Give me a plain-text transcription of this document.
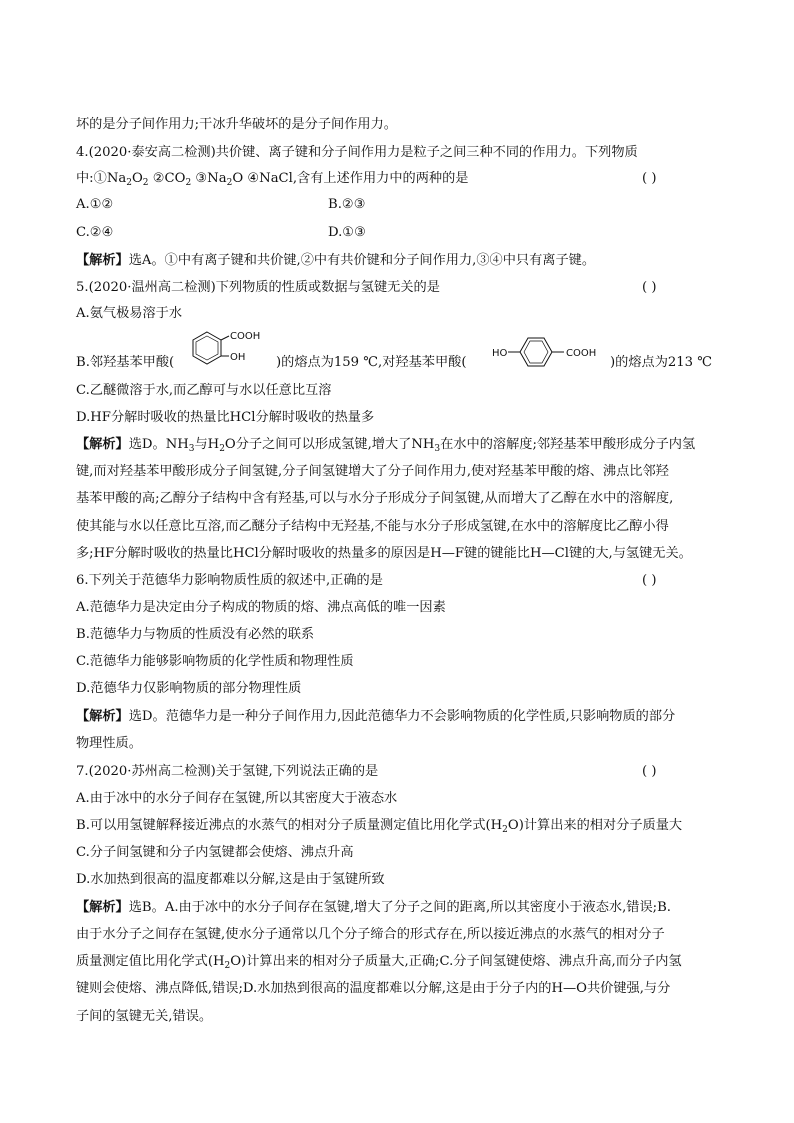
坏的是分子间作用力;干冰升华破坏的是分子间作用力。
4.(2020·泰安高二检测)共价键、离子键和分子间作用力是粒子之间三种不同的作用力。下列物质
中$:①Na_2O_2$ $②CO_2$ $③Na_2O$ ④NaCl,含有上述作用力中的两种的是	( )
A.①②	B.②③
C.②④	D.①③
【解析】选A。①中有离子键和共价键,②中有共价键和分子间作用力,③④中只有离子键。
5.(2020·温州高二检测)下列物质的性质或数据与氢键无关的是	( )
A.氨气极易溶于水
B.邻羟基苯甲酸(
COOH
OH )的熔点为159 ℃,对羟基苯甲酸(
HO	COOH
)的熔点为213 ℃
C.乙醚微溶于水,而乙醇可与水以任意比互溶
D.HF分解时吸收的热量比HCl分解时吸收的热量多
【解析】选D。$NH_3$与$H_2O$分子之间可以形成氢键,增大了$NH_3$在水中的溶解度;邻羟基苯甲酸形成分子内氢
键,而对羟基苯甲酸形成分子间氢键,分子间氢键增大了分子间作用力,使对羟基苯甲酸的熔、沸点比邻羟
基苯甲酸的高;乙醇分子结构中含有羟基,可以与水分子形成分子间氢键,从而增大了乙醇在水中的溶解度,
使其能与水以任意比互溶,而乙醚分子结构中无羟基,不能与水分子形成氢键,在水中的溶解度比乙醇小得
多;HF分解时吸收的热量比HCl分解时吸收的热量多的原因是H—F键的键能比H—Cl键的大,与氢键无关。
6.下列关于范德华力影响物质性质的叙述中,正确的是	( )
A.范德华力是决定由分子构成的物质的熔、沸点高低的唯一因素
B.范德华力与物质的性质没有必然的联系
C.范德华力能够影响物质的化学性质和物理性质
D.范德华力仅影响物质的部分物理性质
【解析】选D。范德华力是一种分子间作用力,因此范德华力不会影响物质的化学性质,只影响物质的部分
物理性质。
7.(2020·苏州高二检测)关于氢键,下列说法正确的是	( )
A.由于冰中的水分子间存在氢键,所以其密度大于液态水
B.可以用氢键解释接近沸点的水蒸气的相对分子质量测定值比用化学式$(H_2O)$计算出来的相对分子质量大
C.分子间氢键和分子内氢键都会使熔、沸点升高
D.水加热到很高的温度都难以分解,这是由于氢键所致
【解析】选B。A.由于冰中的水分子间存在氢键,增大了分子之间的距离,所以其密度小于液态水,错误;B.
由于水分子之间存在氢键,使水分子通常以几个分子缔合的形式存在,所以接近沸点的水蒸气的相对分子
质量测定值比用化学式$(H_2O)$计算出来的相对分子质量大,正确;C.分子间氢键使熔、沸点升高,而分子内氢
键则会使熔、沸点降低,错误;D.水加热到很高的温度都难以分解,这是由于分子内的H—O共价键强,与分
子间的氢键无关,错误。
